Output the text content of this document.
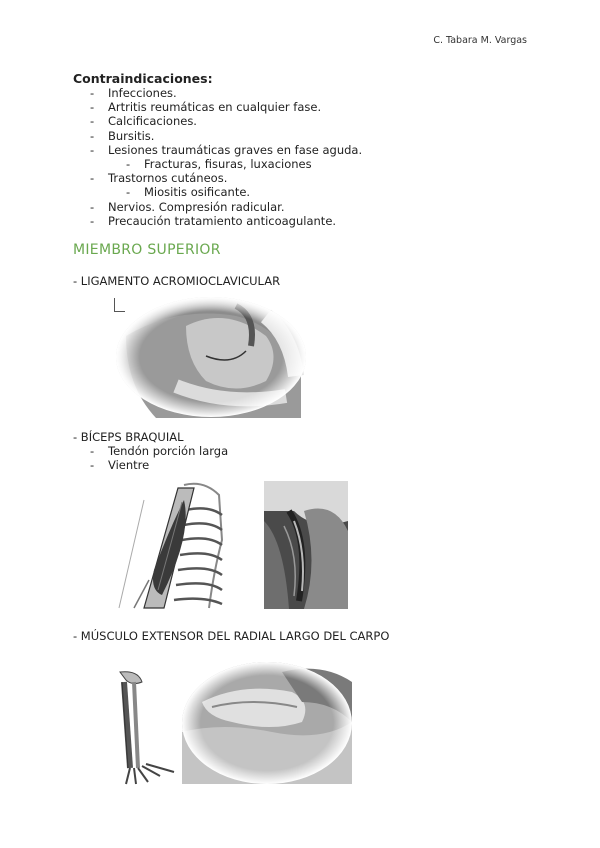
C. Tabara M. Vargas
Contraindicaciones:
- Infecciones.
- Artritis reumáticas en cualquier fase.
- Calcificaciones.
- Bursitis.
- Lesiones traumáticas graves en fase aguda.
- Fracturas, fisuras, luxaciones
- Trastornos cutáneos.
- Miositis osificante.
- Nervios. Compresión radicular.
- Precaución tratamiento anticoagulante.
MIEMBRO SUPERIOR
- LIGAMENTO ACROMIOCLAVICULAR
- BÍCEPS BRAQUIAL
- Tendón porción larga
- Vientre
- MÚSCULO EXTENSOR DEL RADIAL LARGO DEL CARPO
